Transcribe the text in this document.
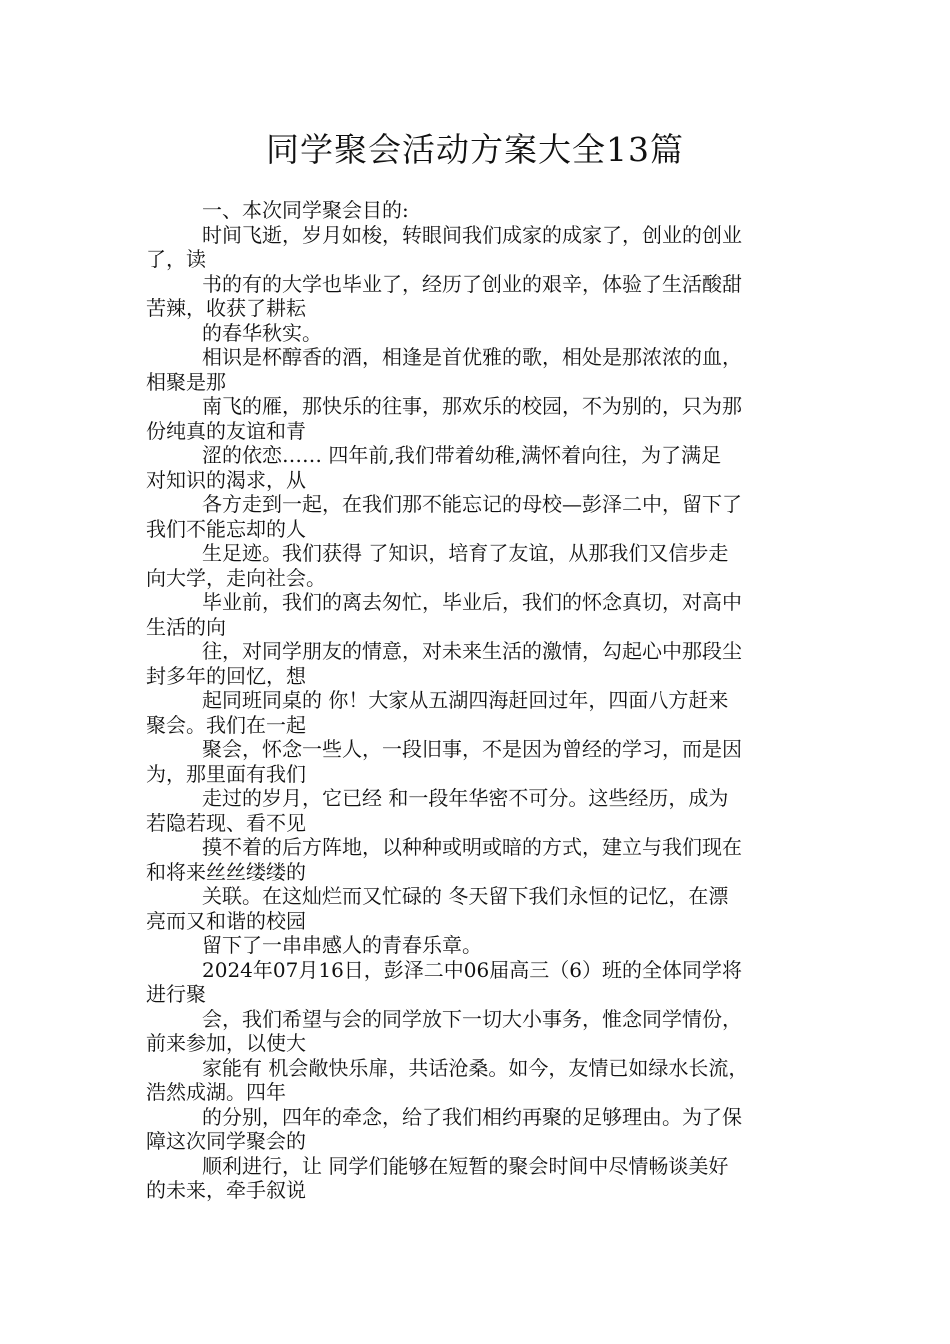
同学聚会活动方案大全13篇

一、本次同学聚会目的:

时间飞逝，岁月如梭，转眼间我们成家的成家了，创业的创业
了，读

书的有的大学也毕业了，经历了创业的艰辛，体验了生活酸甜
苦辣，收获了耕耘

的春华秋实。

相识是杯醇香的酒，相逢是首优雅的歌，相处是那浓浓的血，
相聚是那

南飞的雁，那快乐的往事，那欢乐的校园，不为别的，只为那
份纯真的友谊和青

涩的依恋…… 四年前,我们带着幼稚,满怀着向往，为了满足
对知识的渴求，从

各方走到一起，在我们那不能忘记的母校—彭泽二中，留下了
我们不能忘却的人

生足迹。我们获得 了知识，培育了友谊，从那我们又信步走
向大学，走向社会。

毕业前，我们的离去匆忙，毕业后，我们的怀念真切，对高中
生活的向

往，对同学朋友的情意，对未来生活的激情，勾起心中那段尘
封多年的回忆，想

起同班同桌的 你！大家从五湖四海赶回过年，四面八方赶来
聚会。我们在一起

聚会，怀念一些人，一段旧事，不是因为曾经的学习，而是因
为，那里面有我们

走过的岁月，它已经 和一段年华密不可分。这些经历，成为
若隐若现、看不见

摸不着的后方阵地，以种种或明或暗的方式，建立与我们现在
和将来丝丝缕缕的

关联。在这灿烂而又忙碌的 冬天留下我们永恒的记忆，在漂
亮而又和谐的校园

留下了一串串感人的青春乐章。

2024年07月16日，彭泽二中06届高三（6）班的全体同学将
进行聚

会，我们希望与会的同学放下一切大小事务，惟念同学情份，
前来参加，以使大

家能有 机会敞快乐扉，共话沧桑。如今，友情已如绿水长流，
浩然成湖。四年

的分别，四年的牵念，给了我们相约再聚的足够理由。为了保
障这次同学聚会的

顺利进行，让 同学们能够在短暂的聚会时间中尽情畅谈美好
的未来，牵手叙说
